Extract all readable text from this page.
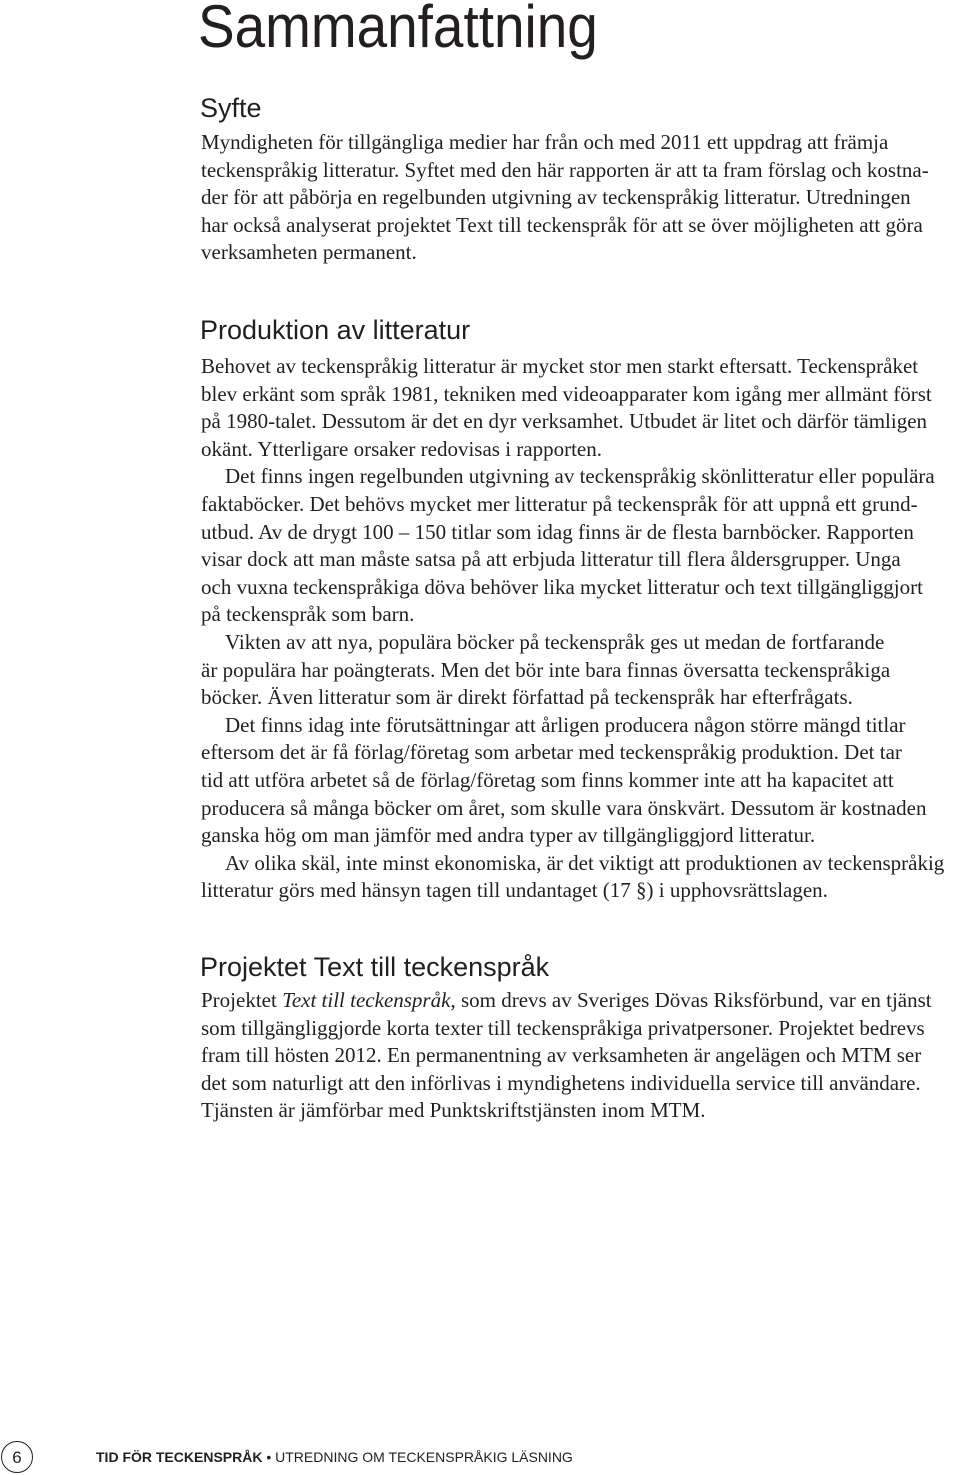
Sammanfattning
Syfte
Myndigheten för tillgängliga medier har från och med 2011 ett uppdrag att främja
teckenspråkig litteratur. Syftet med den här rapporten är att ta fram förslag och kostna-
der för att påbörja en regelbunden utgivning av teckenspråkig litteratur. Utredningen
har också analyserat projektet Text till teckenspråk för att se över möjligheten att göra
verksamheten permanent.
Produktion av litteratur
Behovet av teckenspråkig litteratur är mycket stor men starkt eftersatt. Teckenspråket
blev erkänt som språk 1981, tekniken med videoapparater kom igång mer allmänt först
på 1980-talet. Dessutom är det en dyr verksamhet. Utbudet är litet och därför tämligen
okänt. Ytterligare orsaker redovisas i rapporten.
Det finns ingen regelbunden utgivning av teckenspråkig skönlitteratur eller populära
faktaböcker. Det behövs mycket mer litteratur på teckenspråk för att uppnå ett grund-
utbud. Av de drygt 100 – 150 titlar som idag finns är de flesta barnböcker. Rapporten
visar dock att man måste satsa på att erbjuda litteratur till flera åldersgrupper. Unga
och vuxna teckenspråkiga döva behöver lika mycket litteratur och text tillgängliggjort
på teckenspråk som barn.
Vikten av att nya, populära böcker på teckenspråk ges ut medan de fortfarande
är populära har poängterats. Men det bör inte bara finnas översatta teckenspråkiga
böcker. Även litteratur som är direkt författad på teckenspråk har efterfrågats.
Det finns idag inte förutsättningar att årligen producera någon större mängd titlar
eftersom det är få förlag/företag som arbetar med teckenspråkig produktion. Det tar
tid att utföra arbetet så de förlag/företag som finns kommer inte att ha kapacitet att
producera så många böcker om året, som skulle vara önskvärt. Dessutom är kostnaden
ganska hög om man jämför med andra typer av tillgängliggjord litteratur.
Av olika skäl, inte minst ekonomiska, är det viktigt att produktionen av teckenspråkig
litteratur görs med hänsyn tagen till undantaget (17 §) i upphovsrättslagen.
Projektet Text till teckenspråk
Projektet Text till teckenspråk, som drevs av Sveriges Dövas Riksförbund, var en tjänst
som tillgängliggjorde korta texter till teckenspråkiga privatpersoner. Projektet bedrevs
fram till hösten 2012. En permanentning av verksamheten är angelägen och MTM ser
det som naturligt att den införlivas i myndighetens individuella service till användare.
Tjänsten är jämförbar med Punktskriftstjänsten inom MTM.
6	TID FÖR TECKENSPRÅK • UTREDNING OM TECKENSPRÅKIG LÄSNING
